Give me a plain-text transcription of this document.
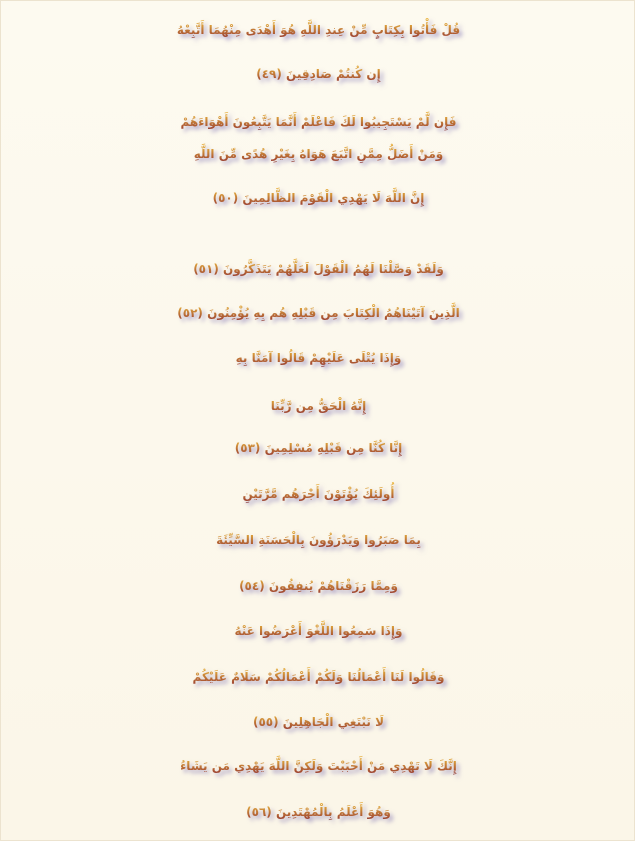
قُلْ فَأْتُوا بِكِتَابٍ مِّنْ عِندِ اللَّهِ هُوَ أَهْدَى مِنْهُمَا أَتَّبِعْهُ
إِن كُنتُمْ صَادِقِينَ (٤٩)
فَإِن لَّمْ يَسْتَجِيبُوا لَكَ فَاعْلَمْ أَنَّمَا يَتَّبِعُونَ أَهْوَاءَهُمْ
وَمَنْ أَضَلُّ مِمَّنِ اتَّبَعَ هَوَاهُ بِغَيْرِ هُدًى مِّنَ اللَّهِ
إِنَّ اللَّهَ لَا يَهْدِي الْقَوْمَ الظَّالِمِينَ (٥٠)
وَلَقَدْ وَصَّلْنَا لَهُمُ الْقَوْلَ لَعَلَّهُمْ يَتَذَكَّرُونَ (٥١)
الَّذِينَ آتَيْنَاهُمُ الْكِتَابَ مِن قَبْلِهِ هُم بِهِ يُؤْمِنُونَ (٥٢)
وَإِذَا يُتْلَى عَلَيْهِمْ قَالُوا آمَنَّا بِهِ
إِنَّهُ الْحَقُّ مِن رَّبِّنَا
إِنَّا كُنَّا مِن قَبْلِهِ مُسْلِمِينَ (٥٣)
أُولَئِكَ يُؤْتَوْنَ أَجْرَهُم مَّرَّتَيْنِ
بِمَا صَبَرُوا وَيَدْرَؤُونَ بِالْحَسَنَةِ السَّيِّئَةَ
وَمِمَّا رَزَقْنَاهُمْ يُنفِقُونَ (٥٤)
وَإِذَا سَمِعُوا اللَّغْوَ أَعْرَضُوا عَنْهُ
وَقَالُوا لَنَا أَعْمَالُنَا وَلَكُمْ أَعْمَالُكُمْ سَلَامٌ عَلَيْكُمْ
لَا نَبْتَغِي الْجَاهِلِينَ (٥٥)
إِنَّكَ لَا تَهْدِي مَنْ أَحْبَبْتَ وَلَكِنَّ اللَّهَ يَهْدِي مَن يَشَاءُ
وَهُوَ أَعْلَمُ بِالْمُهْتَدِينَ (٥٦)
